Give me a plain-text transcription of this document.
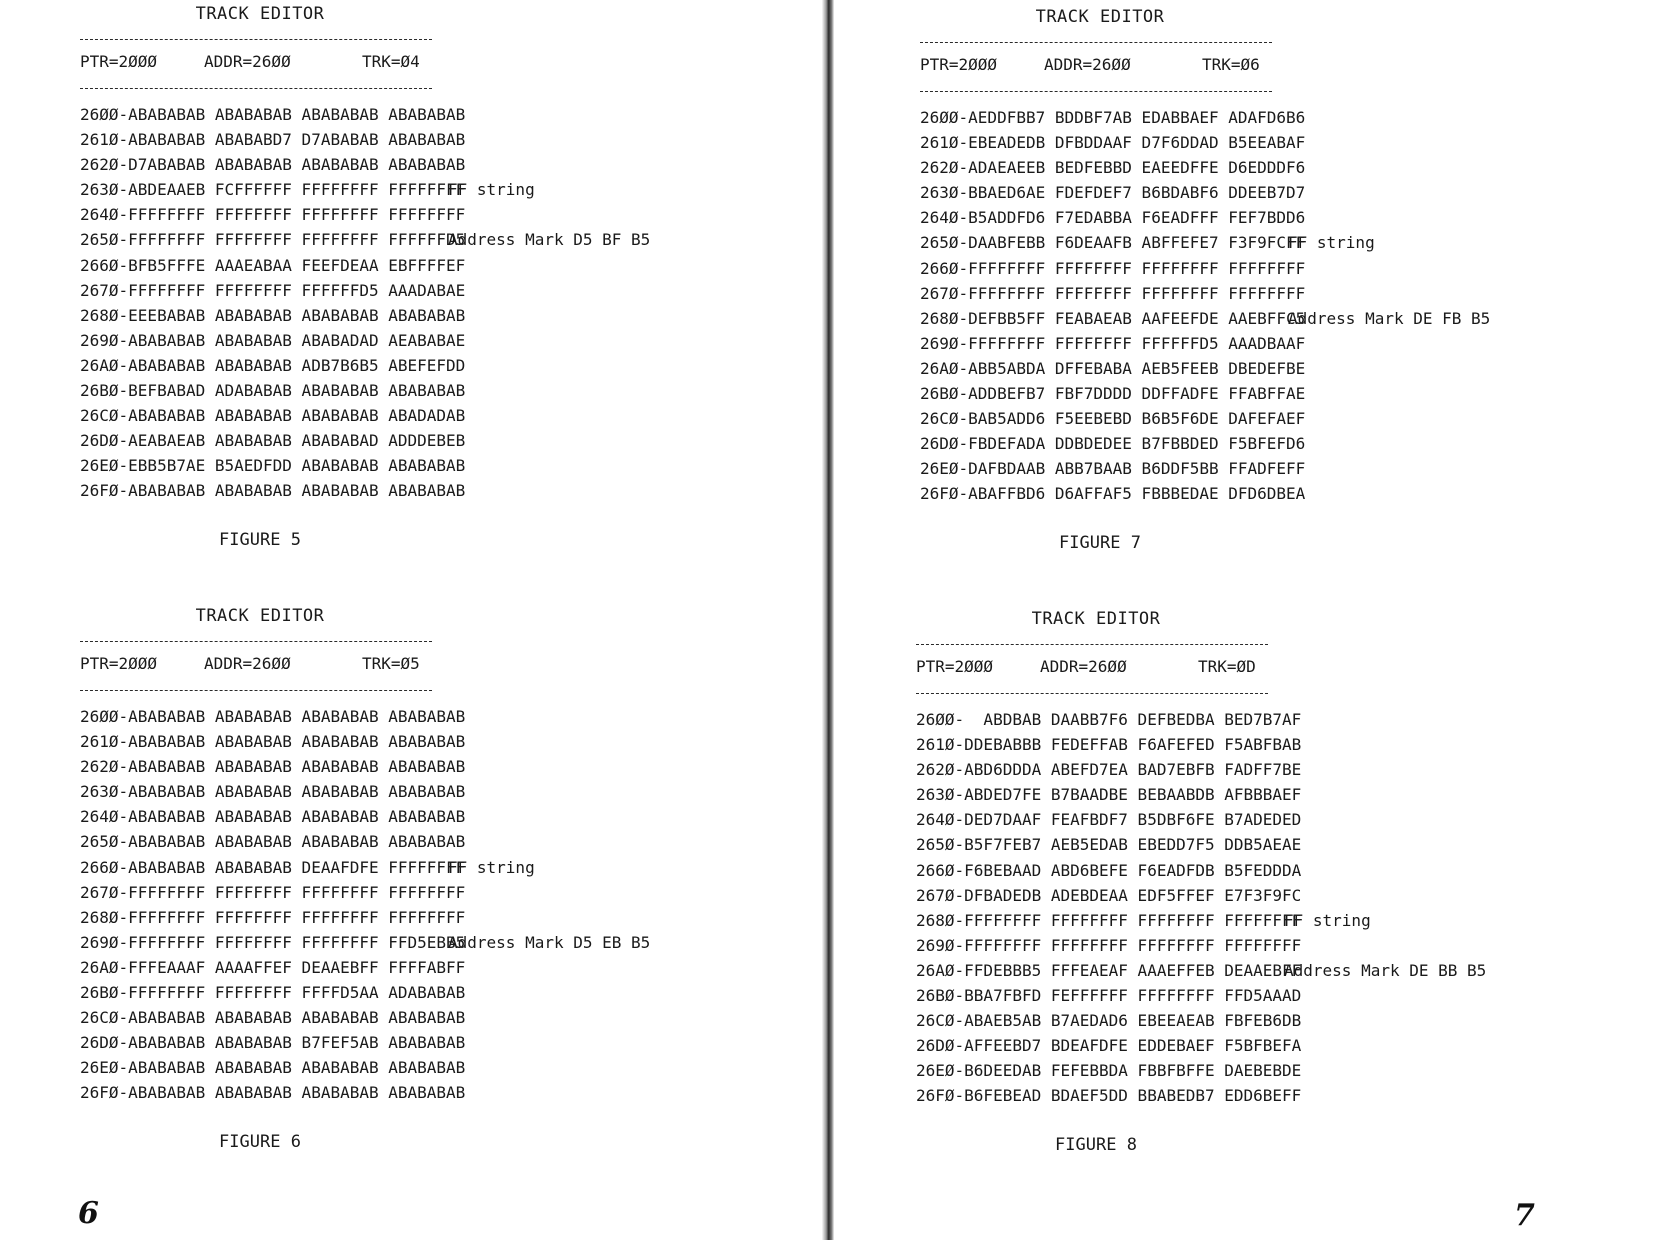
TRACK EDITOR
PTR=2ØØØ	ADDR=26ØØ	TRK=Ø4
26ØØ-ABABABAB ABABABAB ABABABAB ABABABAB
261Ø-ABABABAB ABABABD7 D7ABABAB ABABABAB
262Ø-D7ABABAB ABABABAB ABABABAB ABABABAB
263Ø-ABDEAAEB FCFFFFFF FFFFFFFF FFFFFFFFFF string
264Ø-FFFFFFFF FFFFFFFF FFFFFFFF FFFFFFFF
265Ø-FFFFFFFF FFFFFFFF FFFFFFFF FFFFFFD5Address Mark D5 BF B5
266Ø-BFB5FFFE AAAEABAA FEEFDEAA EBFFFFEF
267Ø-FFFFFFFF FFFFFFFF FFFFFFD5 AAADABAE
268Ø-EEEBABAB ABABABAB ABABABAB ABABABAB
269Ø-ABABABAB ABABABAB ABABADAD AEABABAE
26AØ-ABABABAB ABABABAB ADB7B6B5 ABEFEFDD
26BØ-BEFBABAD ADABABAB ABABABAB ABABABAB
26CØ-ABABABAB ABABABAB ABABABAB ABADADAB
26DØ-AEABAEAB ABABABAB ABABABAD ADDDEBEB
26EØ-EBB5B7AE B5AEDFDD ABABABAB ABABABAB
26FØ-ABABABAB ABABABAB ABABABAB ABABABAB
FIGURE 5
TRACK EDITOR
PTR=2ØØØ	ADDR=26ØØ	TRK=Ø5
26ØØ-ABABABAB ABABABAB ABABABAB ABABABAB
261Ø-ABABABAB ABABABAB ABABABAB ABABABAB
262Ø-ABABABAB ABABABAB ABABABAB ABABABAB
263Ø-ABABABAB ABABABAB ABABABAB ABABABAB
264Ø-ABABABAB ABABABAB ABABABAB ABABABAB
265Ø-ABABABAB ABABABAB ABABABAB ABABABAB
266Ø-ABABABAB ABABABAB DEAAFDFE FFFFFFFFFF string
267Ø-FFFFFFFF FFFFFFFF FFFFFFFF FFFFFFFF
268Ø-FFFFFFFF FFFFFFFF FFFFFFFF FFFFFFFF
269Ø-FFFFFFFF FFFFFFFF FFFFFFFF FFD5EBB5Address Mark D5 EB B5
26AØ-FFFEAAAF AAAAFFEF DEAAEBFF FFFFABFF
26BØ-FFFFFFFF FFFFFFFF FFFFD5AA ADABABAB
26CØ-ABABABAB ABABABAB ABABABAB ABABABAB
26DØ-ABABABAB ABABABAB B7FEF5AB ABABABAB
26EØ-ABABABAB ABABABAB ABABABAB ABABABAB
26FØ-ABABABAB ABABABAB ABABABAB ABABABAB
FIGURE 6
6
TRACK EDITOR
PTR=2ØØØ	ADDR=26ØØ	TRK=Ø6
26ØØ-AEDDFBB7 BDDBF7AB EDABBAEF ADAFD6B6
261Ø-EBEADEDB DFBDDAAF D7F6DDAD B5EEABAF
262Ø-ADAEAEEB BEDFEBBD EAEEDFFE D6EDDDF6
263Ø-BBAED6AE FDEFDEF7 B6BDABF6 DDEEB7D7
264Ø-B5ADDFD6 F7EDABBA F6EADFFF FEF7BDD6
265Ø-DAABFEBB F6DEAAFB ABFFEFE7 F3F9FCFFFF string
266Ø-FFFFFFFF FFFFFFFF FFFFFFFF FFFFFFFF
267Ø-FFFFFFFF FFFFFFFF FFFFFFFF FFFFFFFF
268Ø-DEFBB5FF FEABAEAB AAFEEFDE AAEBFFC5Address Mark DE FB B5
269Ø-FFFFFFFF FFFFFFFF FFFFFFD5 AAADBAAF
26AØ-ABB5ABDA DFFEBABA AEB5FEEB DBEDEFBE
26BØ-ADDBEFB7 FBF7DDDD DDFFADFE FFABFFAE
26CØ-BAB5ADD6 F5EEBEBD B6B5F6DE DAFEFAEF
26DØ-FBDEFADA DDBDEDEE B7FBBDED F5BFEFD6
26EØ-DAFBDAAB ABB7BAAB B6DDF5BB FFADFEFF
26FØ-ABAFFBD6 D6AFFAF5 FBBBEDAE DFD6DBEA
FIGURE 7
TRACK EDITOR
PTR=2ØØØ	ADDR=26ØØ	TRK=ØD
26ØØ-  ABDBAB DAABB7F6 DEFBEDBA BED7B7AF
261Ø-DDEBABBB FEDEFFAB F6AFEFED F5ABFBAB
262Ø-ABD6DDDA ABEFD7EA BAD7EBFB FADFF7BE
263Ø-ABDED7FE B7BAADBE BEBAABDB AFBBBAEF
264Ø-DED7DAAF FEAFBDF7 B5DBF6FE B7ADEDED
265Ø-B5F7FEB7 AEB5EDAB EBEDD7F5 DDB5AEAE
266Ø-F6BEBAAD ABD6BEFE F6EADFDB B5FEDDDA
267Ø-DFBADEDB ADEBDEAA EDF5FFEF E7F3F9FC
268Ø-FFFFFFFF FFFFFFFF FFFFFFFF FFFFFFFFFF string
269Ø-FFFFFFFF FFFFFFFF FFFFFFFF FFFFFFFF
26AØ-FFDEBBB5 FFFEAEAF AAAEFFEB DEAAEBFFAddress Mark DE BB B5
26BØ-BBA7FBFD FEFFFFFF FFFFFFFF FFD5AAAD
26CØ-ABAEB5AB B7AEDAD6 EBEEAEAB FBFEB6DB
26DØ-AFFEEBD7 BDEAFDFE EDDEBAEF F5BFBEFA
26EØ-B6DEEDAB FEFEBBDA FBBFBFFE DAEBEBDE
26FØ-B6FEBEAD BDAEF5DD BBABEDB7 EDD6BEFF
FIGURE 8
7
